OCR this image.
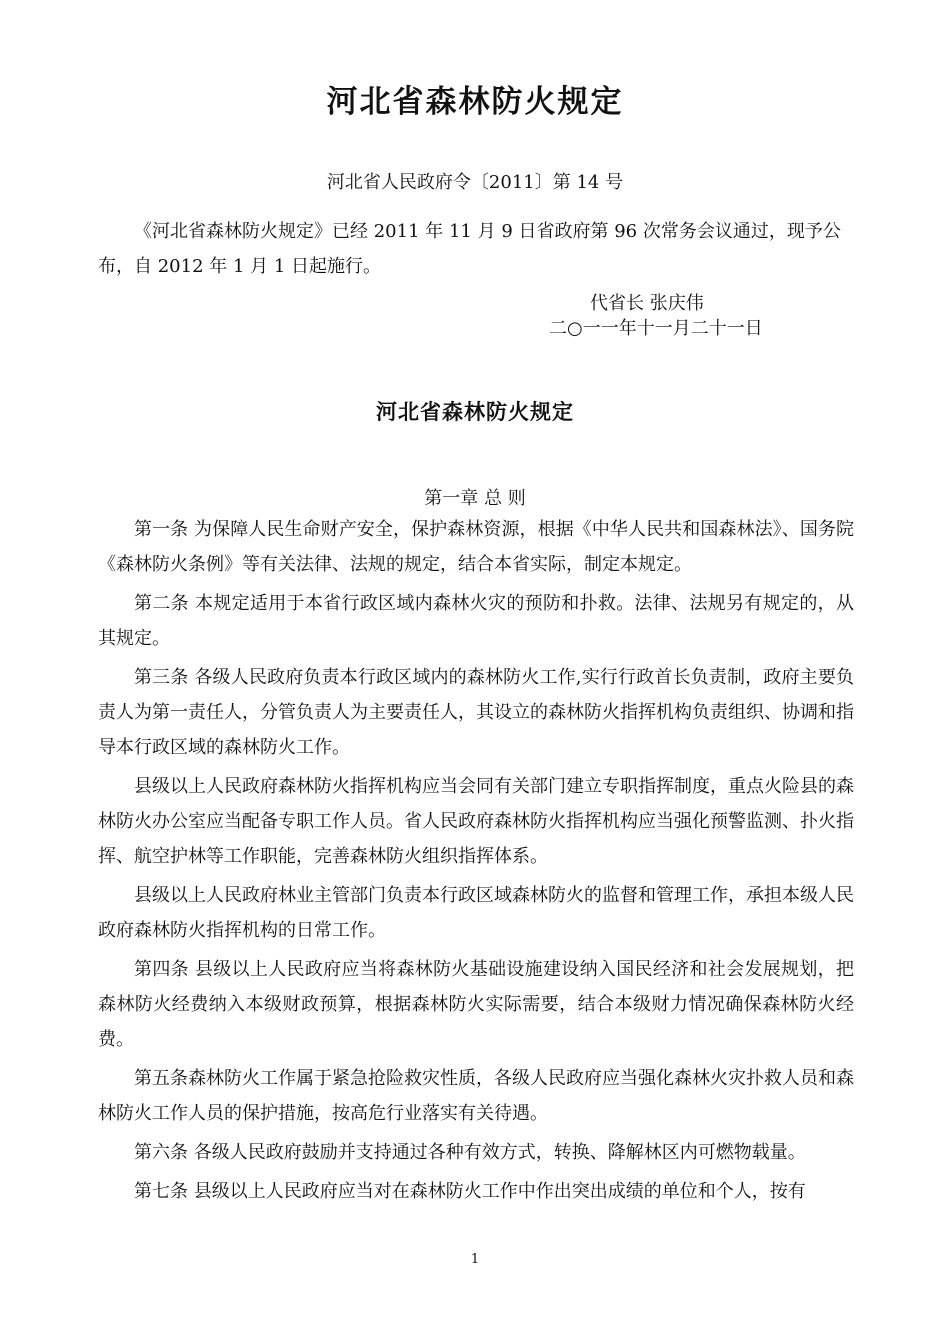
河北省森林防火规定
河北省人民政府令〔2011〕第 14 号
《河北省森林防火规定》已经 2011 年 11 月 9 日省政府第 96 次常务会议通过，现予公布，自 2012 年 1 月 1 日起施行。
代省长 张庆伟
二○一一年十一月二十一日
河北省森林防火规定
第一章 总 则

第一条 为保障人民生命财产安全，保护森林资源，根据《中华人民共和国森林法》、国务院《森林防火条例》等有关法律、法规的规定，结合本省实际，制定本规定。

第二条 本规定适用于本省行政区域内森林火灾的预防和扑救。法律、法规另有规定的，从其规定。

第三条 各级人民政府负责本行政区域内的森林防火工作,实行行政首长负责制，政府主要负责人为第一责任人，分管负责人为主要责任人，其设立的森林防火指挥机构负责组织、协调和指导本行政区域的森林防火工作。

县级以上人民政府森林防火指挥机构应当会同有关部门建立专职指挥制度，重点火险县的森林防火办公室应当配备专职工作人员。省人民政府森林防火指挥机构应当强化预警监测、扑火指挥、航空护林等工作职能，完善森林防火组织指挥体系。

县级以上人民政府林业主管部门负责本行政区域森林防火的监督和管理工作，承担本级人民政府森林防火指挥机构的日常工作。

第四条 县级以上人民政府应当将森林防火基础设施建设纳入国民经济和社会发展规划，把森林防火经费纳入本级财政预算，根据森林防火实际需要，结合本级财力情况确保森林防火经费。

第五条森林防火工作属于紧急抢险救灾性质，各级人民政府应当强化森林火灾扑救人员和森林防火工作人员的保护措施，按高危行业落实有关待遇。

第六条 各级人民政府鼓励并支持通过各种有效方式，转换、降解林区内可燃物载量。

第七条 县级以上人民政府应当对在森林防火工作中作出突出成绩的单位和个人，按有

1
